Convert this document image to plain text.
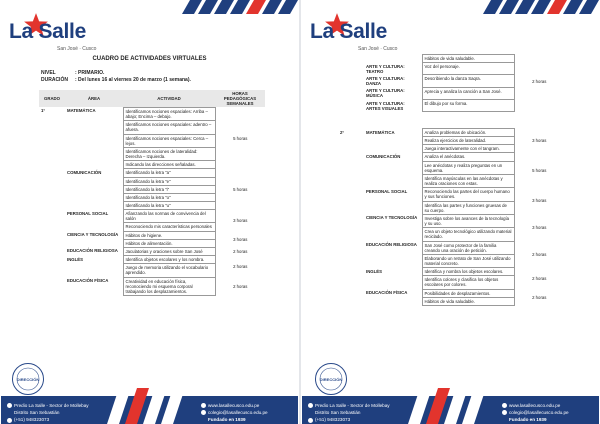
La Salle
San José · Cusco
CUADRO DE ACTIVIDADES VIRTUALES
NIVEL	: PRIMARIO.
DURACIÓN : Del lunes 16 al viernes 20 de marzo (1 semana).
GRADO	ÁREA	ACTIVIDAD	HORAS PEDAGÓGICAS SEMANALES
1°	MATEMÁTICA	Identificamos nociones espaciales: Arriba – abajo; Encima – debajo.	5 horas
		Identificamos nociones espaciales: adentro – afuera.	
		Identificamos nociones espaciales: Cerca – lejos.	
		Identificamos nociones de lateralidad: Derecha – Izquierda.	
		Indicando las direcciones señaladas.	
	COMUNICACIÓN	Identificando la letra "a"	5 horas
		Identificando la letra "e"	
		Identificando la letra "i"	
		Identificando la letra "o"	
		Identificando la letra "u"	
	PERSONAL SOCIAL	Afianzando las normas de convivencia del salón	3 horas
		Reconociendo mis características personales	
	CIENCIA Y TECNOLOGÍA	Hábitos de higiene.	3 horas
		Hábitos de alimentación.	
	EDUCACIÓN RELIGIOSA	Jaculatorias y oraciones sobre San José	2 horas
	INGLÉS	Identifica objetos escolares y los nombra.	2 horas
		Juego de memoria utilizando el vocabulario aprendido.	
	EDUCACIÓN FÍSICA	Creatividad en educación física, reconociendo mi esquema corporal trabajando los desplazamientos.	2 horas
DIRECCIÓN
Predio La Salle - Sector de Mollebay
Distrito San Sebastián
(+51) 948323073
www.lasallecusco.edu.pe
colegio@lasallecusco.edu.pe
Fundado en 1939
La Salle
San José · Cusco
		Hábitos de vida saludable.	
	ARTE Y CULTURA: TEATRO	Voz del personaje.	
	ARTE Y CULTURA: DANZA	Describiendo la danza Saqra.	2 horas
	ARTE Y CULTURA: MÚSICA	Aprecia y analiza la canción a San José.	
	ARTE Y CULTURA: ARTES VISUALES	El dibujo por su forma.	
2°	MATEMÁTICA	Analiza problemas de ubicación.	3 horas
		Realiza ejercicios de lateralidad.	
		Juega interactivamente con el tangram.	
	COMUNICACIÓN	Analiza el anécdotas.	5 horas
		Lee anécdotas y realiza preguntas en un esquema.	
		Identifica mayúsculas en las anécdotas y realiza oraciones con estas.	
	PERSONAL SOCIAL	Reconociendo las partes del cuerpo humano y sus funciones.	3 horas
		Identifica las partes y funciones gruesas de su cuerpo.	
	CIENCIA Y TECNOLOGÍA	Investiga sobre los avances de la tecnología y su uso.	3 horas
		Crea un objeto tecnológico utilizando material reciclado.	
	EDUCACIÓN RELIGIOSA	San José como protector de la familia creando una oración de petición.	2 horas
		Elaborando un retrato de San José utilizando material concreto.	
	INGLÉS	Identifica y nombra los objetos escolares.	2 horas
		Identifica colores y clasifica los objetos escolares por colores.	
	EDUCACIÓN FÍSICA	Posibilidades de desplazamientos.	2 horas
		Hábitos de vida saludable.	
DIRECCIÓN
Predio La Salle - Sector de Mollebay
Distrito San Sebastián
(+51) 948323073
www.lasallecusco.edu.pe
colegio@lasallecusco.edu.pe
Fundado en 1939
